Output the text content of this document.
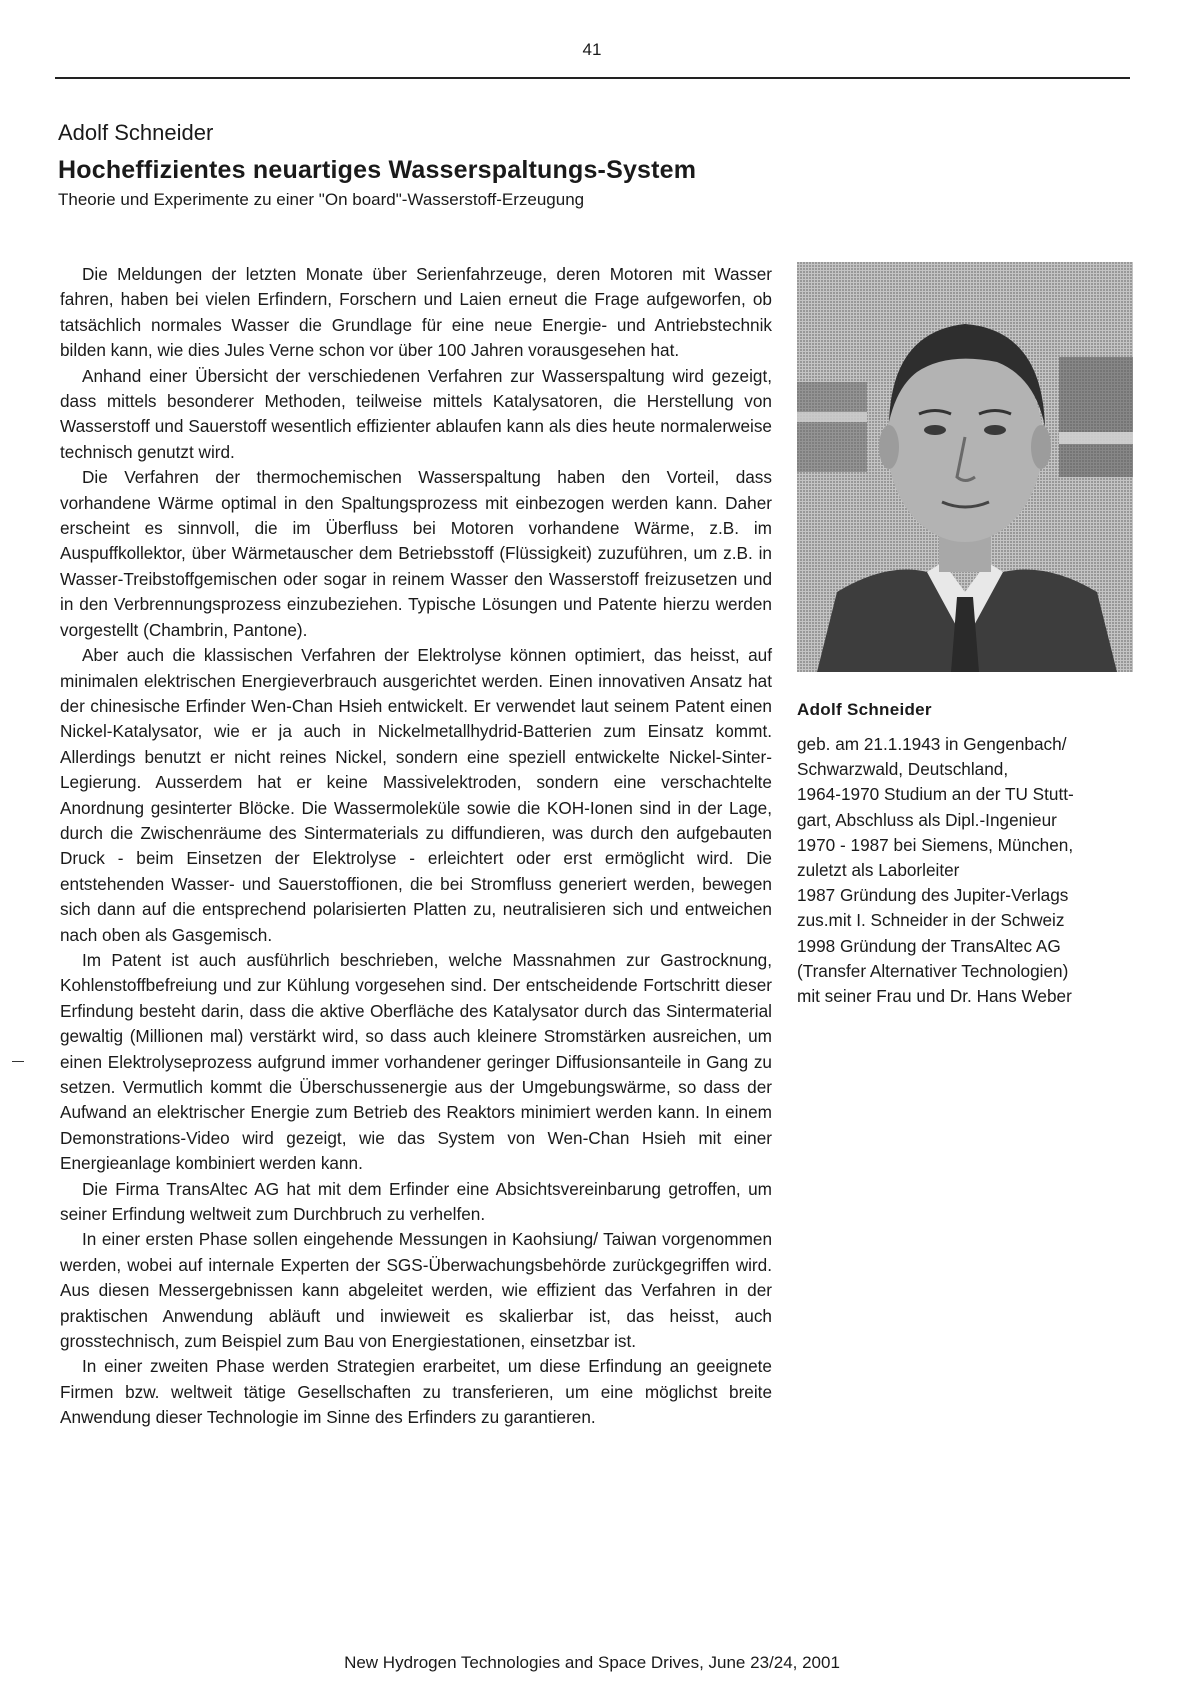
41
Adolf Schneider
Hocheffizientes neuartiges Wasserspaltungs-System
Theorie und Experimente zu einer "On board"-Wasserstoff-Erzeugung

Die Meldungen der letzten Monate über Serienfahrzeuge, deren Motoren mit Wasser fahren, haben bei vielen Erfindern, Forschern und Laien erneut die Frage aufgeworfen, ob tatsächlich normales Wasser die Grundlage für eine neue Energie- und Antriebstechnik bilden kann, wie dies Jules Verne schon vor über 100 Jahren vorausgesehen hat.

Anhand einer Übersicht der verschiedenen Verfahren zur Wasserspaltung wird gezeigt, dass mittels besonderer Methoden, teilweise mittels Katalysatoren, die Herstellung von Wasserstoff und Sauerstoff wesentlich effizienter ablaufen kann als dies heute normalerweise technisch genutzt wird.

Die Verfahren der thermochemischen Wasserspaltung haben den Vorteil, dass vorhandene Wärme optimal in den Spaltungsprozess mit einbezogen werden kann. Daher erscheint es sinnvoll, die im Überfluss bei Motoren vorhandene Wärme, z.B. im Auspuffkollektor, über Wärmetauscher dem Betriebsstoff (Flüssigkeit) zuzuführen, um z.B. in Wasser-Treibstoffgemischen oder sogar in reinem Wasser den Wasserstoff freizusetzen und in den Verbrennungsprozess einzubeziehen. Typische Lösungen und Patente hierzu werden vorgestellt (Chambrin, Pantone).

Aber auch die klassischen Verfahren der Elektrolyse können optimiert, das heisst, auf minimalen elektrischen Energieverbrauch ausgerichtet werden. Einen innovativen Ansatz hat der chinesische Erfinder Wen-Chan Hsieh entwickelt. Er verwendet laut seinem Patent einen Nickel-Katalysator, wie er ja auch in Nickelmetallhydrid-Batterien zum Einsatz kommt. Allerdings benutzt er nicht reines Nickel, sondern eine speziell entwickelte Nickel-Sinter-Legierung. Ausserdem hat er keine Massivelektroden, sondern eine verschachtelte Anordnung gesinterter Blöcke. Die Wassermoleküle sowie die KOH-Ionen sind in der Lage, durch die Zwischenräume des Sintermaterials zu diffundieren, was durch den aufgebauten Druck - beim Einsetzen der Elektrolyse - erleichtert oder erst ermöglicht wird. Die entstehenden Wasser- und Sauerstoffionen, die bei Stromfluss generiert werden, bewegen sich dann auf die entsprechend polarisierten Platten zu, neutralisieren sich und entweichen nach oben als Gasgemisch.

Im Patent ist auch ausführlich beschrieben, welche Massnahmen zur Gastrocknung, Kohlenstoffbefreiung und zur Kühlung vorgesehen sind. Der entscheidende Fortschritt dieser Erfindung besteht darin, dass die aktive Oberfläche des Katalysator durch das Sintermaterial gewaltig (Millionen mal) verstärkt wird, so dass auch kleinere Stromstärken ausreichen, um einen Elektrolyseprozess aufgrund immer vorhandener geringer Diffusionsanteile in Gang zu setzen. Vermutlich kommt die Überschussenergie aus der Umgebungswärme, so dass der Aufwand an elektrischer Energie zum Betrieb des Reaktors minimiert werden kann. In einem Demonstrations-Video wird gezeigt, wie das System von Wen-Chan Hsieh mit einer Energieanlage kombiniert werden kann.

Die Firma TransAltec AG hat mit dem Erfinder eine Absichtsvereinbarung getroffen, um seiner Erfindung weltweit zum Durchbruch zu verhelfen.

In einer ersten Phase sollen eingehende Messungen in Kaohsiung/ Taiwan vorgenommen werden, wobei auf internale Experten der SGS-Überwachungsbehörde zurückgegriffen wird. Aus diesen Messergebnissen kann abgeleitet werden, wie effizient das Verfahren in der praktischen Anwendung abläuft und inwieweit es skalierbar ist, das heisst, auch grosstechnisch, zum Beispiel zum Bau von Energiestationen, einsetzbar ist.

In einer zweiten Phase werden Strategien erarbeitet, um diese Erfindung an geeignete Firmen bzw. weltweit tätige Gesellschaften zu transferieren, um eine möglichst breite Anwendung dieser Technologie im Sinne des Erfinders zu garantieren.

Adolf Schneider
geb. am 21.1.1943 in Gengenbach/
Schwarzwald, Deutschland,
1964-1970 Studium an der TU Stutt-
gart, Abschluss als Dipl.-Ingenieur
1970 - 1987 bei Siemens, München,
zuletzt als Laborleiter
1987 Gründung des Jupiter-Verlags
zus.mit I. Schneider in der Schweiz
1998 Gründung der TransAltec AG
(Transfer Alternativer Technologien)
mit seiner Frau und Dr. Hans Weber
New Hydrogen Technologies and Space Drives, June 23/24, 2001
